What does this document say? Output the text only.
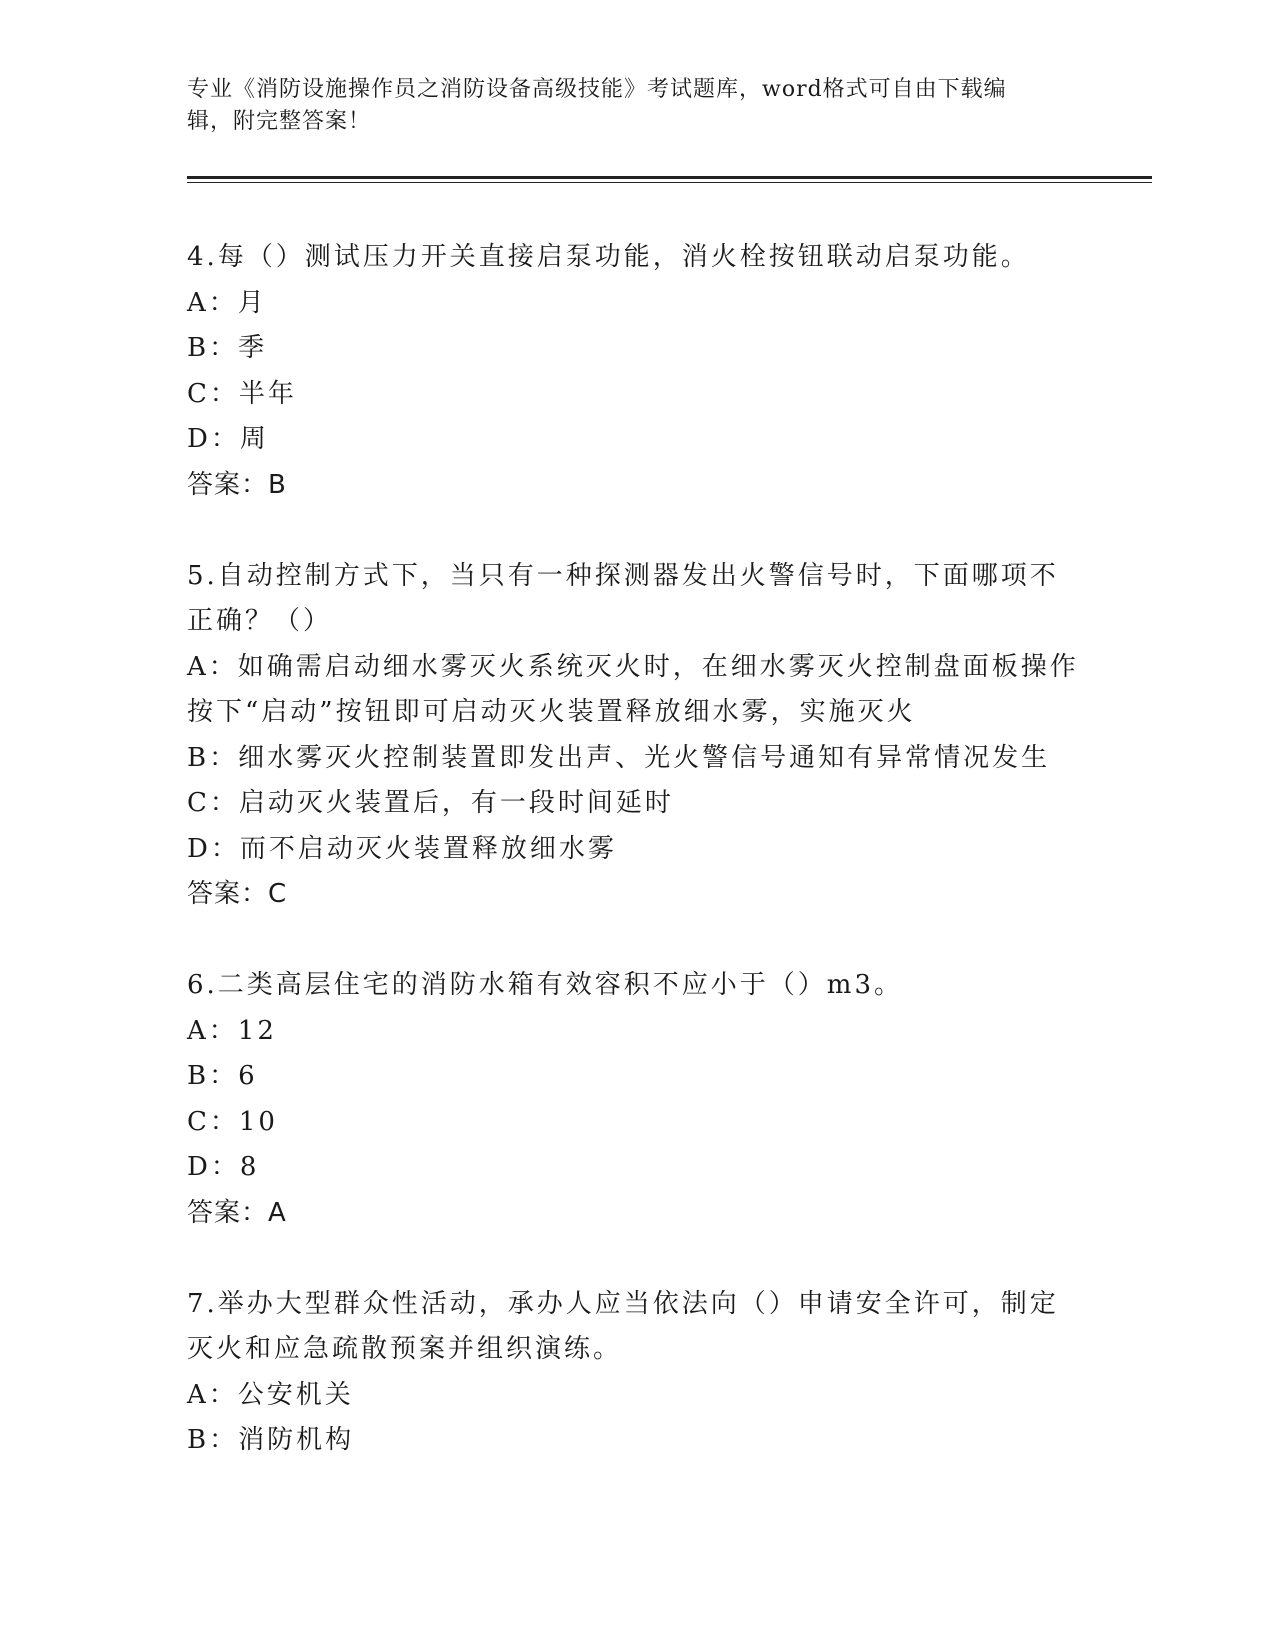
专业《消防设施操作员之消防设备高级技能》考试题库，word格式可自由下载编
辑，附完整答案！
4.每（）测试压力开关直接启泵功能，消火栓按钮联动启泵功能。
A：月
B：季
C：半年
D：周
答案：B
5.自动控制方式下，当只有一种探测器发出火警信号时，下面哪项不
正确？（）
A：如确需启动细水雾灭火系统灭火时，在细水雾灭火控制盘面板操作
按下“启动”按钮即可启动灭火装置释放细水雾，实施灭火
B：细水雾灭火控制装置即发出声、光火警信号通知有异常情况发生
C：启动灭火装置后，有一段时间延时
D：而不启动灭火装置释放细水雾
答案：C
6.二类高层住宅的消防水箱有效容积不应小于（）m3。
A：12
B：6
C：10
D：8
答案：A
7.举办大型群众性活动，承办人应当依法向（）申请安全许可，制定
灭火和应急疏散预案并组织演练。
A：公安机关
B：消防机构
